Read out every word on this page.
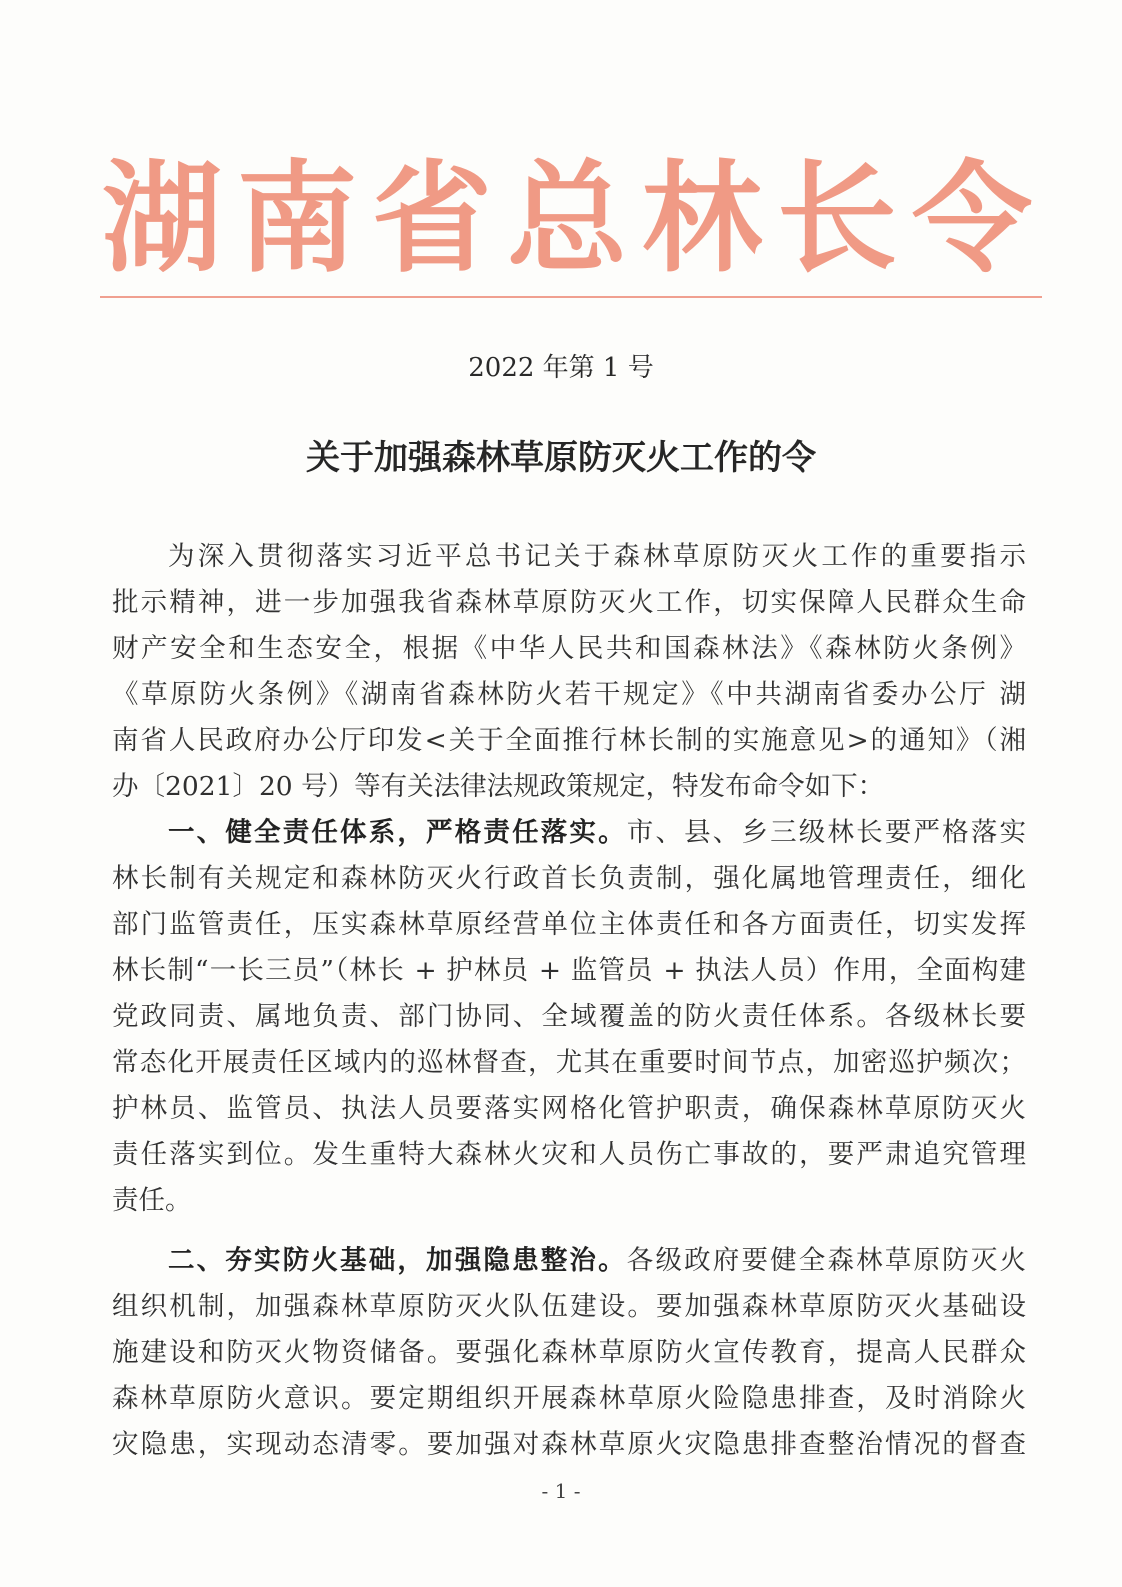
湖 南 省 总 林 长 令
2022 年第 1 号
关于加强森林草原防灭火工作的令
为深入贯彻落实习近平总书记关于森林草原防灭火工作的重要指示
批示精神，进一步加强我省森林草原防灭火工作，切实保障人民群众生命
财产安全和生态安全，根据《中华人民共和国森林法》《森林防火条例》
《草原防火条例》《湖南省森林防火若干规定》《中共湖南省委办公厅 湖
南省人民政府办公厅印发<关于全面推行林长制的实施意见>的通知》（湘
办〔2021〕20 号）等有关法律法规政策规定，特发布命令如下：
一、健全责任体系，严格责任落实。市、县、乡三级林长要严格落实
林长制有关规定和森林防灭火行政首长负责制，强化属地管理责任，细化
部门监管责任，压实森林草原经营单位主体责任和各方面责任，切实发挥
林长制“一长三员”（林长 + 护林员 + 监管员 + 执法人员）作用，全面构建
党政同责、属地负责、部门协同、全域覆盖的防火责任体系。各级林长要
常态化开展责任区域内的巡林督查，尤其在重要时间节点，加密巡护频次；
护林员、监管员、执法人员要落实网格化管护职责，确保森林草原防灭火
责任落实到位。发生重特大森林火灾和人员伤亡事故的，要严肃追究管理
责任。
二、夯实防火基础，加强隐患整治。各级政府要健全森林草原防灭火
组织机制，加强森林草原防灭火队伍建设。要加强森林草原防灭火基础设
施建设和防灭火物资储备。要强化森林草原防火宣传教育，提高人民群众
森林草原防火意识。要定期组织开展森林草原火险隐患排查，及时消除火
灾隐患，实现动态清零。要加强对森林草原火灾隐患排查整治情况的督查
- 1 -
